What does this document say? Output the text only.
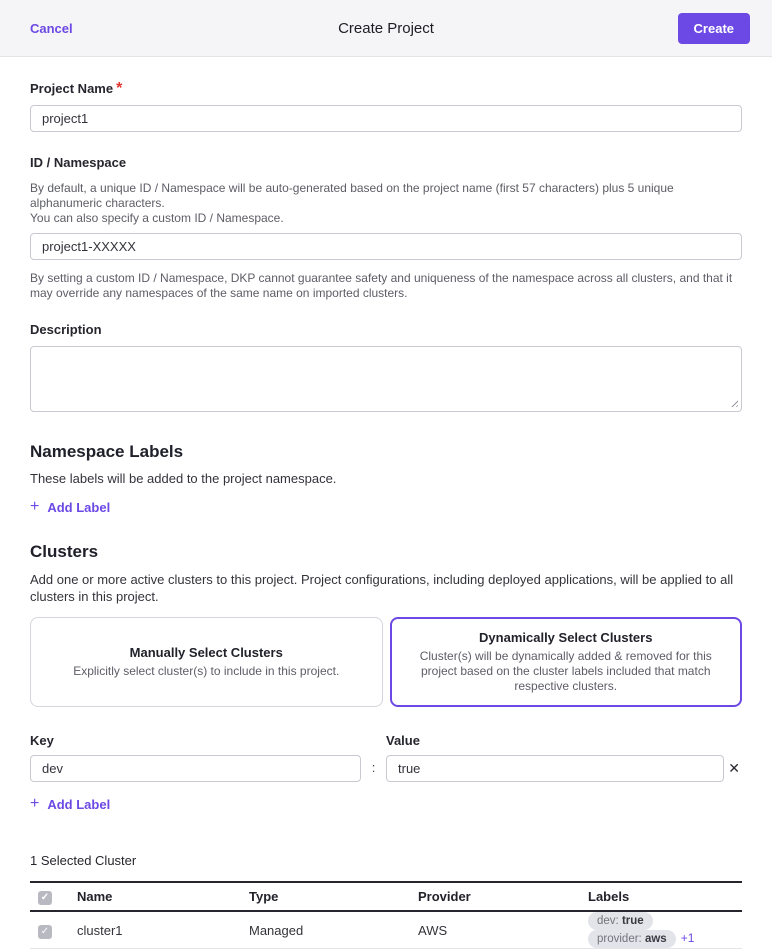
Cancel	Create Project	Create
Project Name *
project1
ID / Namespace
By default, a unique ID / Namespace will be auto-generated based on the project name (first 57 characters) plus 5 unique alphanumeric characters.
You can also specify a custom ID / Namespace.
project1-XXXXX
By setting a custom ID / Namespace, DKP cannot guarantee safety and uniqueness of the namespace across all clusters, and that it may override any namespaces of the same name on imported clusters.
Description
Namespace Labels
These labels will be added to the project namespace.
+ Add Label
Clusters
Add one or more active clusters to this project. Project configurations, including deployed applications, will be applied to all clusters in this project.
Manually Select Clusters
Explicitly select cluster(s) to include in this project.
Dynamically Select Clusters
Cluster(s) will be dynamically added & removed for this project based on the cluster labels included that match respective clusters.
Key
dev
:
Value
true
✕
+ Add Label
1 Selected Cluster
✓	Name	Type	Provider	Labels

✓	cluster1	Managed	AWS	dev: trueprovider: aws +1
